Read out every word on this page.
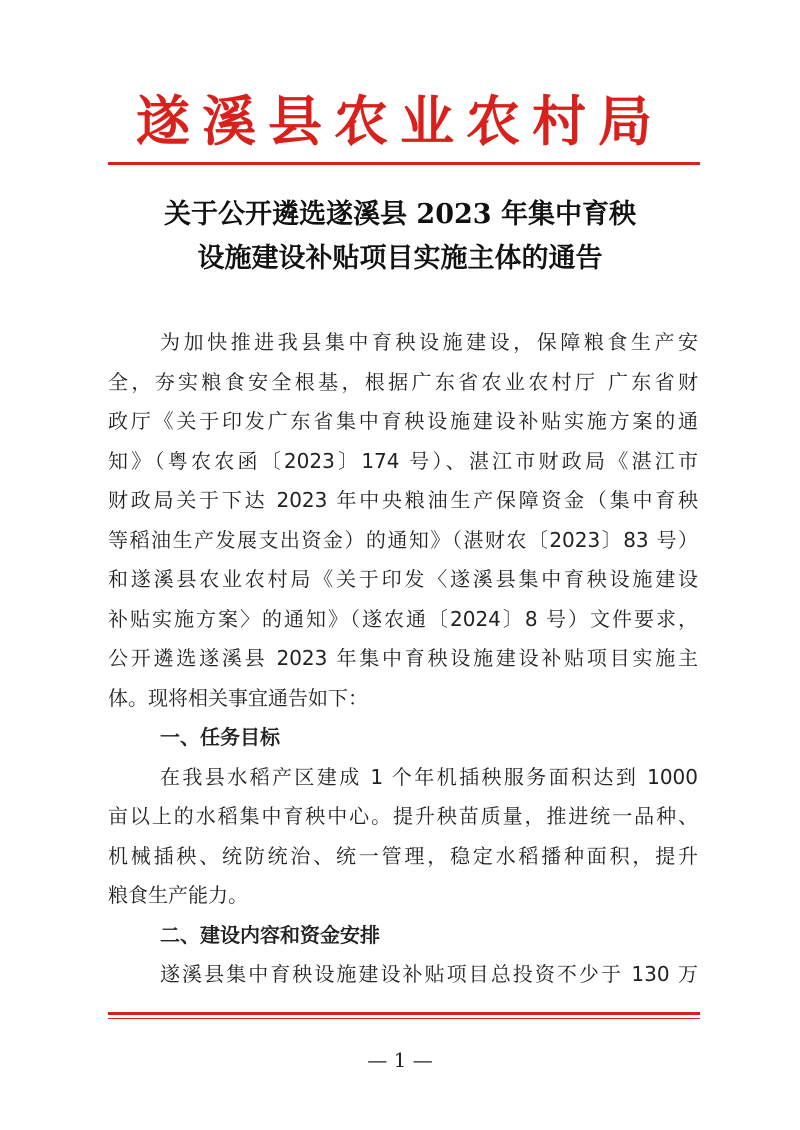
遂溪县农业农村局
关于公开遴选遂溪县 2023 年集中育秧
设施建设补贴项目实施主体的通告
为加快推进我县集中育秧设施建设，保障粮食生产安
全，夯实粮食安全根基，根据广东省农业农村厅 广东省财
政厅《关于印发广东省集中育秧设施建设补贴实施方案的通
知》（粤农农函〔2023〕174 号）、湛江市财政局《湛江市
财政局关于下达 2023 年中央粮油生产保障资金（集中育秧
等稻油生产发展支出资金）的通知》（湛财农〔2023〕83 号）
和遂溪县农业农村局《关于印发〈遂溪县集中育秧设施建设
补贴实施方案〉的通知》（遂农通〔2024〕8 号）文件要求，
公开遴选遂溪县 2023 年集中育秧设施建设补贴项目实施主
体。现将相关事宜通告如下：
一、任务目标
在我县水稻产区建成 1 个年机插秧服务面积达到 1000
亩以上的水稻集中育秧中心。提升秧苗质量，推进统一品种、
机械插秧、统防统治、统一管理，稳定水稻播种面积，提升
粮食生产能力。
二、建设内容和资金安排
遂溪县集中育秧设施建设补贴项目总投资不少于 130 万
— 1 —
